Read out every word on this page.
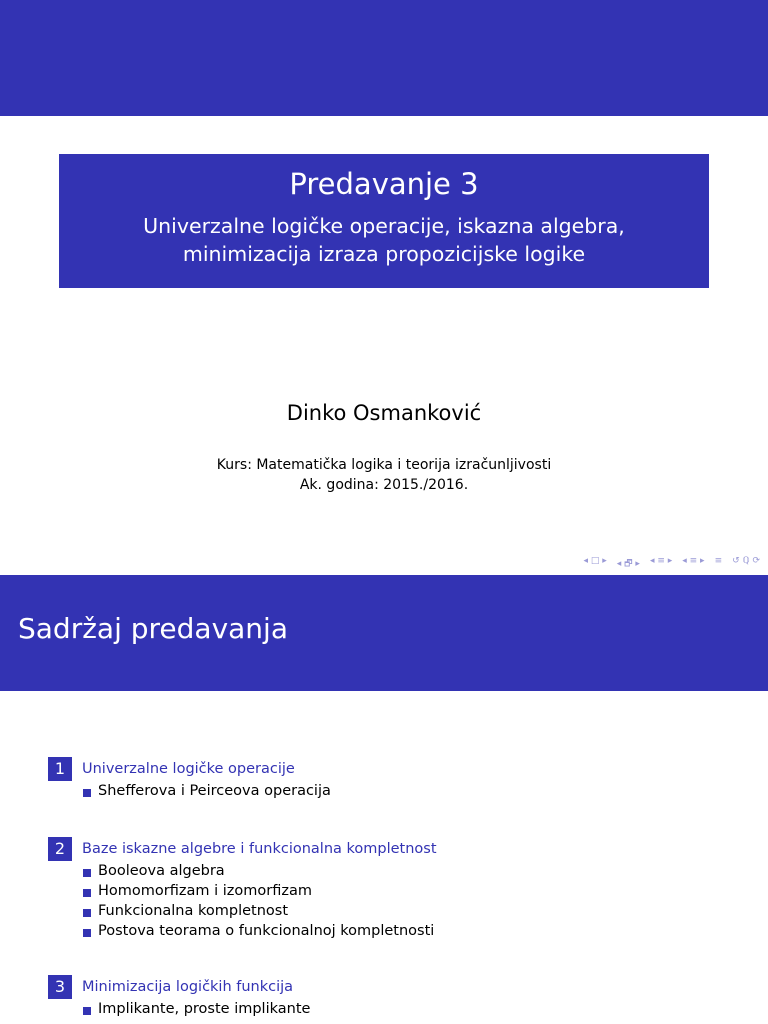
Predavanje 3
Univerzalne logičke operacije, iskazna algebra, minimizacija izraza propozicijske logike
Dinko Osmanković
Kurs: Matematička logika i teorija izračunljivosti
Ak. godina: 2015./2016.
◂ □ ▸ ◂ 🗗 ▸ ◂ ≡ ▸ ◂ ≡ ▸ ≡ ↺ ℚ ⟳
Sadržaj predavanja
1	Univerzalne logičke operacije
Shefferova i Peirceova operacija
2	Baze iskazne algebre i funkcionalna kompletnost
Booleova algebra
Homomorfizam i izomorfizam
Funkcionalna kompletnost
Postova teorama o funkcionalnoj kompletnosti
3	Minimizacija logičkih funkcija
Implikante, proste implikante
